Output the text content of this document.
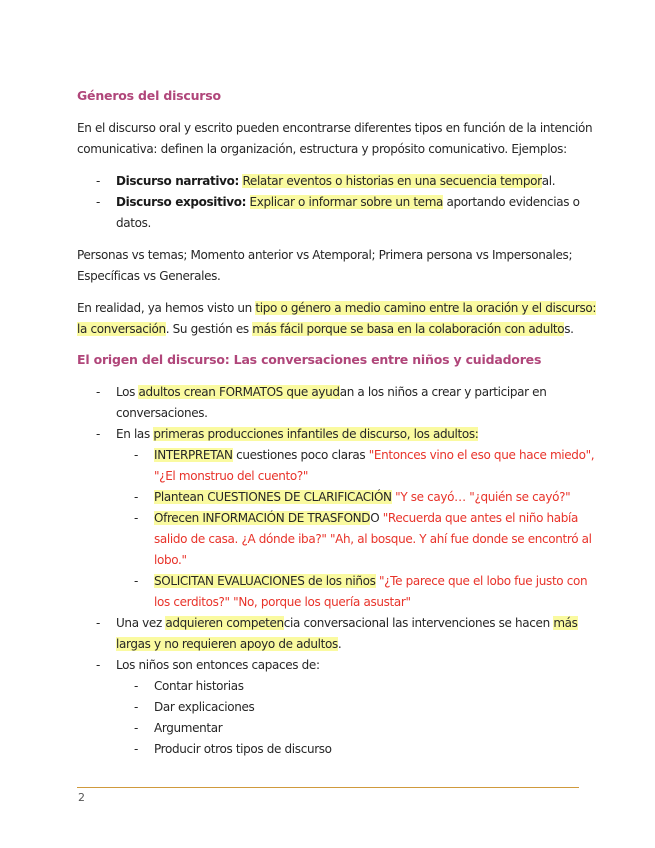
Géneros del discurso
En el discurso oral y escrito pueden encontrarse diferentes tipos en función de la intención
comunicativa: definen la organización, estructura y propósito comunicativo. Ejemplos:
- Discurso narrativo: Relatar eventos o historias en una secuencia temporal.
- Discurso expositivo: Explicar o informar sobre un tema aportando evidencias o
datos.
Personas vs temas; Momento anterior vs Atemporal; Primera persona vs Impersonales;
Específicas vs Generales.
En realidad, ya hemos visto un tipo o género a medio camino entre la oración y el discurso:
la conversación. Su gestión es más fácil porque se basa en la colaboración con adultos.
El origen del discurso: Las conversaciones entre niños y cuidadores
- Los adultos crean FORMATOS que ayudan a los niños a crear y participar en
conversaciones.
- En las primeras producciones infantiles de discurso, los adultos:
- INTERPRETAN cuestiones poco claras "Entonces vino el eso que hace miedo",
"¿El monstruo del cuento?"
- Plantean CUESTIONES DE CLARIFICACIÓN "Y se cayó… "¿quién se cayó?"
- Ofrecen INFORMACIÓN DE TRASFONDO "Recuerda que antes el niño había
salido de casa. ¿A dónde iba?" "Ah, al bosque. Y ahí fue donde se encontró al
lobo."
- SOLICITAN EVALUACIONES de los niños "¿Te parece que el lobo fue justo con
los cerditos?" "No, porque los quería asustar"
- Una vez adquieren competencia conversacional las intervenciones se hacen más
largas y no requieren apoyo de adultos.
- Los niños son entonces capaces de:
- Contar historias
- Dar explicaciones
- Argumentar
- Producir otros tipos de discurso
2
